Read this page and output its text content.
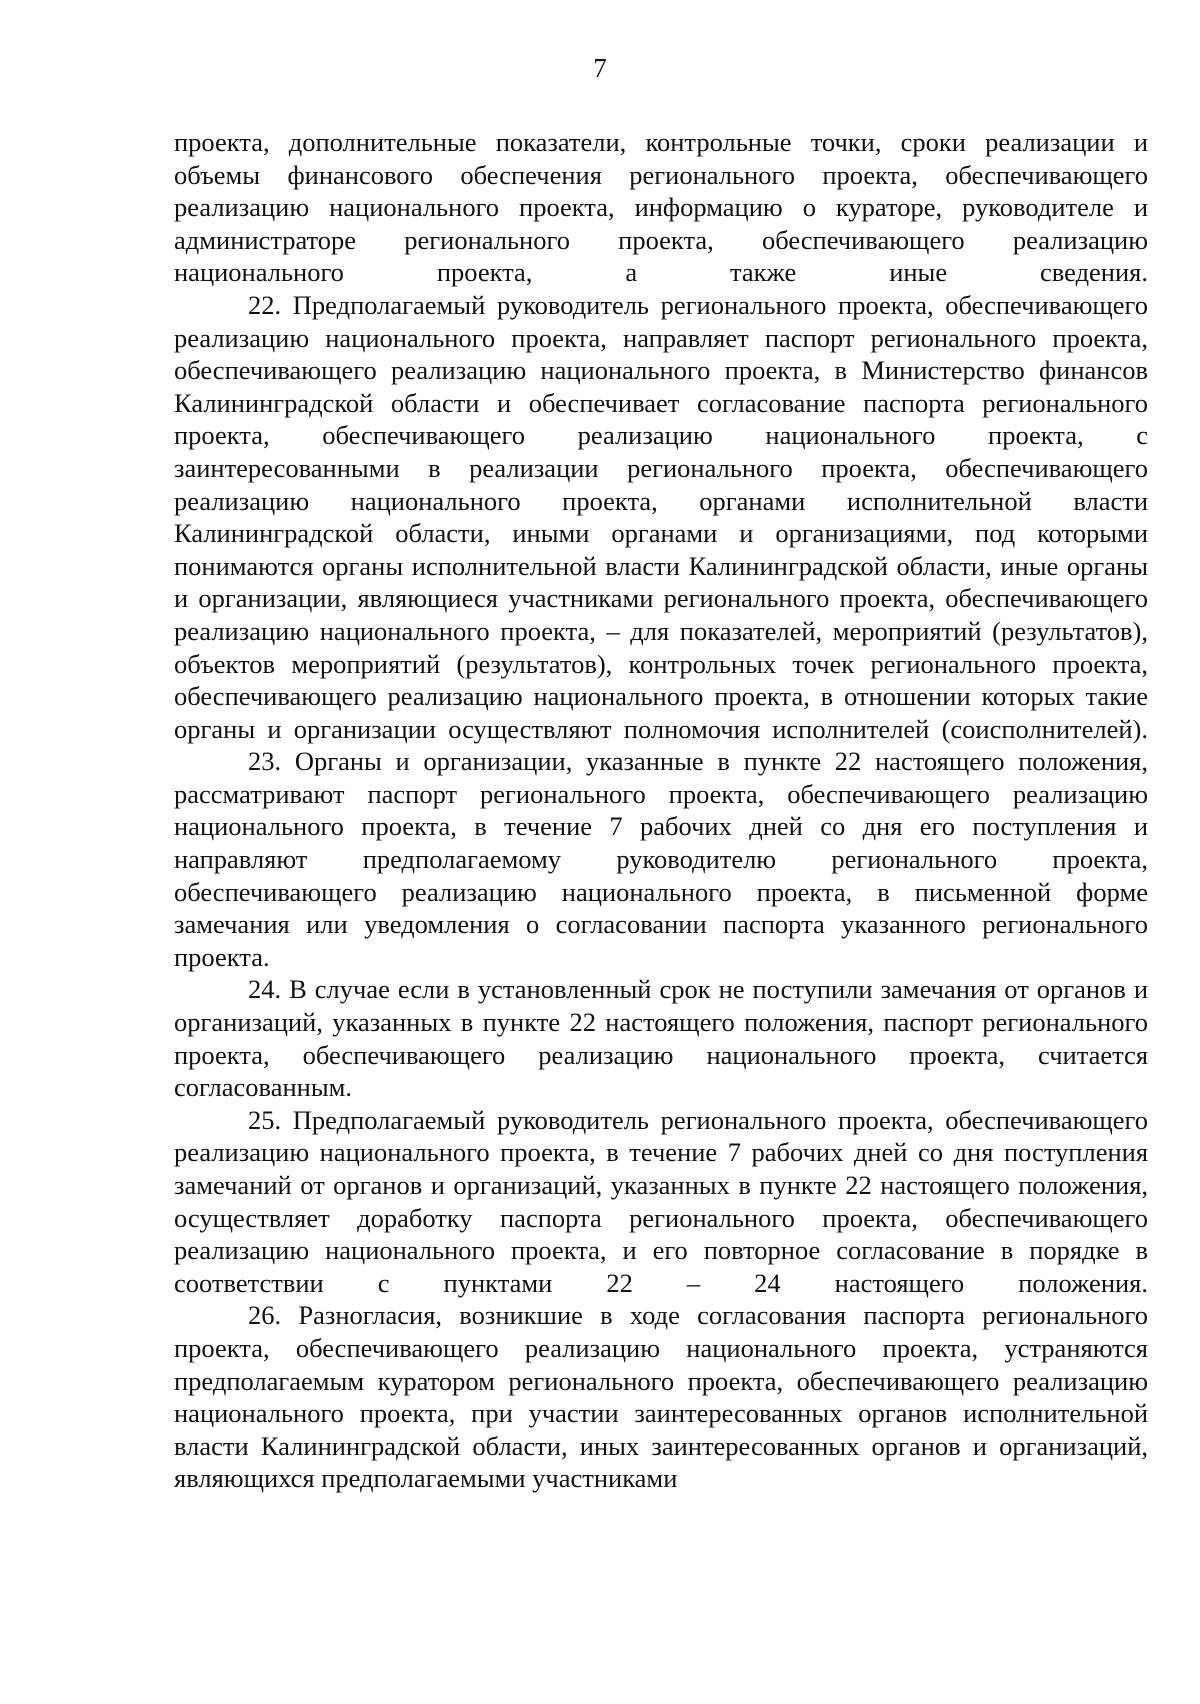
7

проекта, дополнительные показатели, контрольные точки, сроки реализации и объемы финансового обеспечения регионального проекта, обеспечивающего реализацию национального проекта, информацию о кураторе, руководителе и администраторе регионального проекта, обеспечивающего реализацию национального проекта, а также иные сведения.

22. Предполагаемый руководитель регионального проекта, обеспечивающего реализацию национального проекта, направляет паспорт регионального проекта, обеспечивающего реализацию национального проекта, в Министерство финансов Калининградской области и обеспечивает согласование паспорта регионального проекта, обеспечивающего реализацию национального проекта, с заинтересованными в реализации регионального проекта, обеспечивающего реализацию национального проекта, органами исполнительной власти Калининградской области, иными органами и организациями, под которыми понимаются органы исполнительной власти Калининградской области, иные органы и организации, являющиеся участниками регионального проекта, обеспечивающего реализацию национального проекта, – для показателей, мероприятий (результатов), объектов мероприятий (результатов), контрольных точек регионального проекта, обеспечивающего реализацию национального проекта, в отношении которых такие органы и организации осуществляют полномочия исполнителей (соисполнителей).

23. Органы и организации, указанные в пункте 22 настоящего положения, рассматривают паспорт регионального проекта, обеспечивающего реализацию национального проекта, в течение 7 рабочих дней со дня его поступления и направляют предполагаемому руководителю регионального проекта, обеспечивающего реализацию национального проекта, в письменной форме замечания или уведомления о согласовании паспорта указанного регионального проекта.

24. В случае если в установленный срок не поступили замечания от органов и организаций, указанных в пункте 22 настоящего положения, паспорт регионального проекта, обеспечивающего реализацию национального проекта, считается согласованным.

25. Предполагаемый руководитель регионального проекта, обеспечивающего реализацию национального проекта, в течение 7 рабочих дней со дня поступления замечаний от органов и организаций, указанных в пункте 22 настоящего положения, осуществляет доработку паспорта регионального проекта, обеспечивающего реализацию национального проекта, и его повторное согласование в порядке в соответствии с пунктами 22 – 24 настоящего положения.

26. Разногласия, возникшие в ходе согласования паспорта регионального проекта, обеспечивающего реализацию национального проекта, устраняются предполагаемым куратором регионального проекта, обеспечивающего реализацию национального проекта, при участии заинтересованных органов исполнительной власти Калининградской области, иных заинтересованных органов и организаций, являющихся предполагаемыми участниками
